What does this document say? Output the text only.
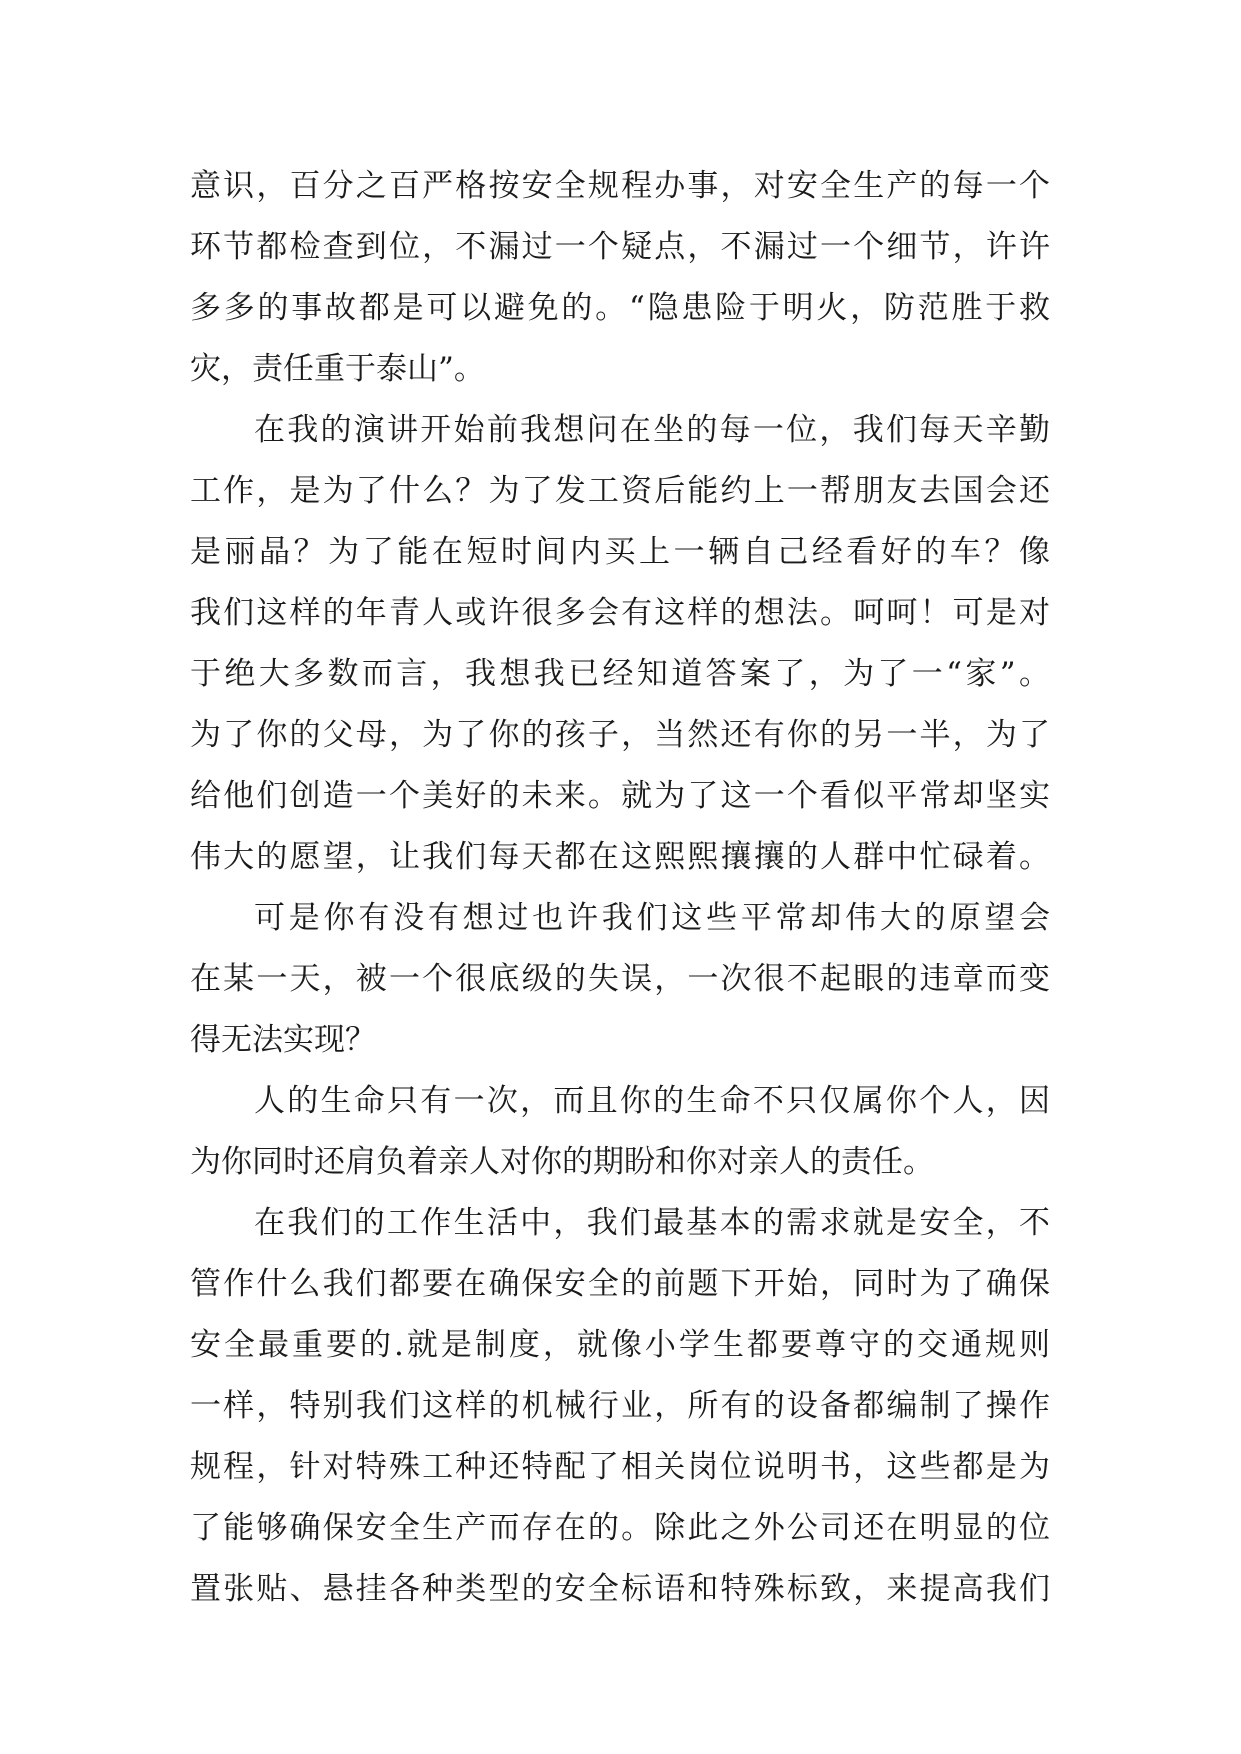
意识，百分之百严格按安全规程办事，对安全生产的每一个
环节都检查到位，不漏过一个疑点，不漏过一个细节，许许
多多的事故都是可以避免的。“隐患险于明火，防范胜于救
灾，责任重于泰山”。
在我的演讲开始前我想问在坐的每一位，我们每天辛勤
工作，是为了什么？为了发工资后能约上一帮朋友去国会还
是丽晶？为了能在短时间内买上一辆自己经看好的车？像
我们这样的年青人或许很多会有这样的想法。呵呵！可是对
于绝大多数而言，我想我已经知道答案了，为了一“家”。
为了你的父母，为了你的孩子，当然还有你的另一半，为了
给他们创造一个美好的未来。就为了这一个看似平常却坚实
伟大的愿望，让我们每天都在这熙熙攘攘的人群中忙碌着。
可是你有没有想过也许我们这些平常却伟大的原望会
在某一天，被一个很底级的失误，一次很不起眼的违章而变
得无法实现？
人的生命只有一次，而且你的生命不只仅属你个人，因
为你同时还肩负着亲人对你的期盼和你对亲人的责任。
在我们的工作生活中，我们最基本的需求就是安全，不
管作什么我们都要在确保安全的前题下开始，同时为了确保
安全最重要的.就是制度，就像小学生都要尊守的交通规则
一样，特别我们这样的机械行业，所有的设备都编制了操作
规程，针对特殊工种还特配了相关岗位说明书，这些都是为
了能够确保安全生产而存在的。除此之外公司还在明显的位
置张贴、悬挂各种类型的安全标语和特殊标致，来提高我们
